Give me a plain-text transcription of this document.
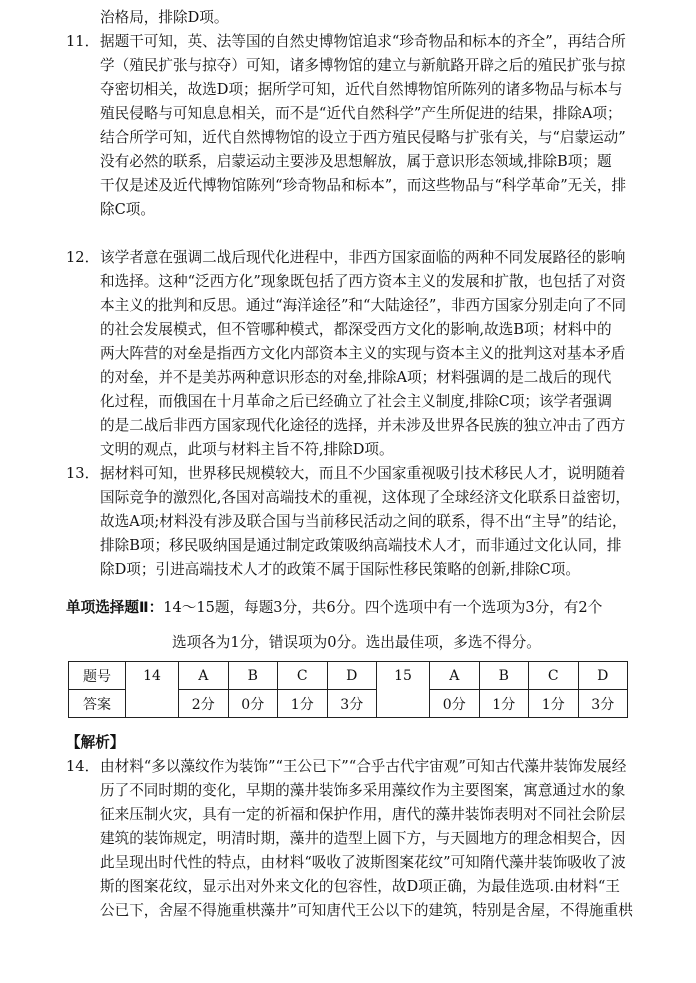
治格局，排除D项。
11． 据题干可知，英、法等国的自然史博物馆追求“珍奇物品和标本的齐全”，再结合所
学（殖民扩张与掠夺）可知，诸多博物馆的建立与新航路开辟之后的殖民扩张与掠
夺密切相关，故选D项；据所学可知，近代自然博物馆所陈列的诸多物品与标本与
殖民侵略与可知息息相关，而不是“近代自然科学”产生所促进的结果，排除A项；
结合所学可知，近代自然博物馆的设立于西方殖民侵略与扩张有关，与“启蒙运动”
没有必然的联系，启蒙运动主要涉及思想解放，属于意识形态领域,排除B项；题
干仅是述及近代博物馆陈列“珍奇物品和标本”，而这些物品与“科学革命”无关，排
除C项。
12． 该学者意在强调二战后现代化进程中，非西方国家面临的两种不同发展路径的影响
和选择。这种“泛西方化”现象既包括了西方资本主义的发展和扩散，也包括了对资
本主义的批判和反思。通过“海洋途径”和“大陆途径”，非西方国家分别走向了不同
的社会发展模式，但不管哪种模式，都深受西方文化的影响,故选B项；材料中的
两大阵营的对垒是指西方文化内部资本主义的实现与资本主义的批判这对基本矛盾
的对垒，并不是美苏两种意识形态的对垒,排除A项；材料强调的是二战后的现代
化过程，而俄国在十月革命之后已经确立了社会主义制度,排除C项；该学者强调
的是二战后非西方国家现代化途径的选择，并未涉及世界各民族的独立冲击了西方
文明的观点，此项与材料主旨不符,排除D项。
13． 据材料可知，世界移民规模较大，而且不少国家重视吸引技术移民人才，说明随着
国际竞争的激烈化,各国对高端技术的重视，这体现了全球经济文化联系日益密切，
故选A项;材料没有涉及联合国与当前移民活动之间的联系，得不出“主导”的结论，
排除B项；移民吸纳国是通过制定政策吸纳高端技术人才，而非通过文化认同，排
除D项；引进高端技术人才的政策不属于国际性移民策略的创新,排除C项。
单项选择题Ⅱ：14～15题，每题3分，共6分。四个选项中有一个选项为3分，有2个
选项各为1分，错误项为0分。选出最佳项，多选不得分。
题号	14	A	B	C	D	15	A	B	C	D
答案		2分	0分	1分	3分		0分	1分	1分	3分
【解析】
14． 由材料“多以藻纹作为装饰”“王公已下”“合乎古代宇宙观”可知古代藻井装饰发展经
历了不同时期的变化，早期的藻井装饰多采用藻纹作为主要图案，寓意通过水的象
征来压制火灾，具有一定的祈福和保护作用，唐代的藻井装饰表明对不同社会阶层
建筑的装饰规定，明清时期，藻井的造型上圆下方，与天圆地方的理念相契合，因
此呈现出时代性的特点，由材料“吸收了波斯图案花纹”可知隋代藻井装饰吸收了波
斯的图案花纹，显示出对外来文化的包容性，故D项正确，为最佳选项.由材料“王
公已下，舍屋不得施重栱藻井”可知唐代王公以下的建筑，特别是舍屋，不得施重栱
